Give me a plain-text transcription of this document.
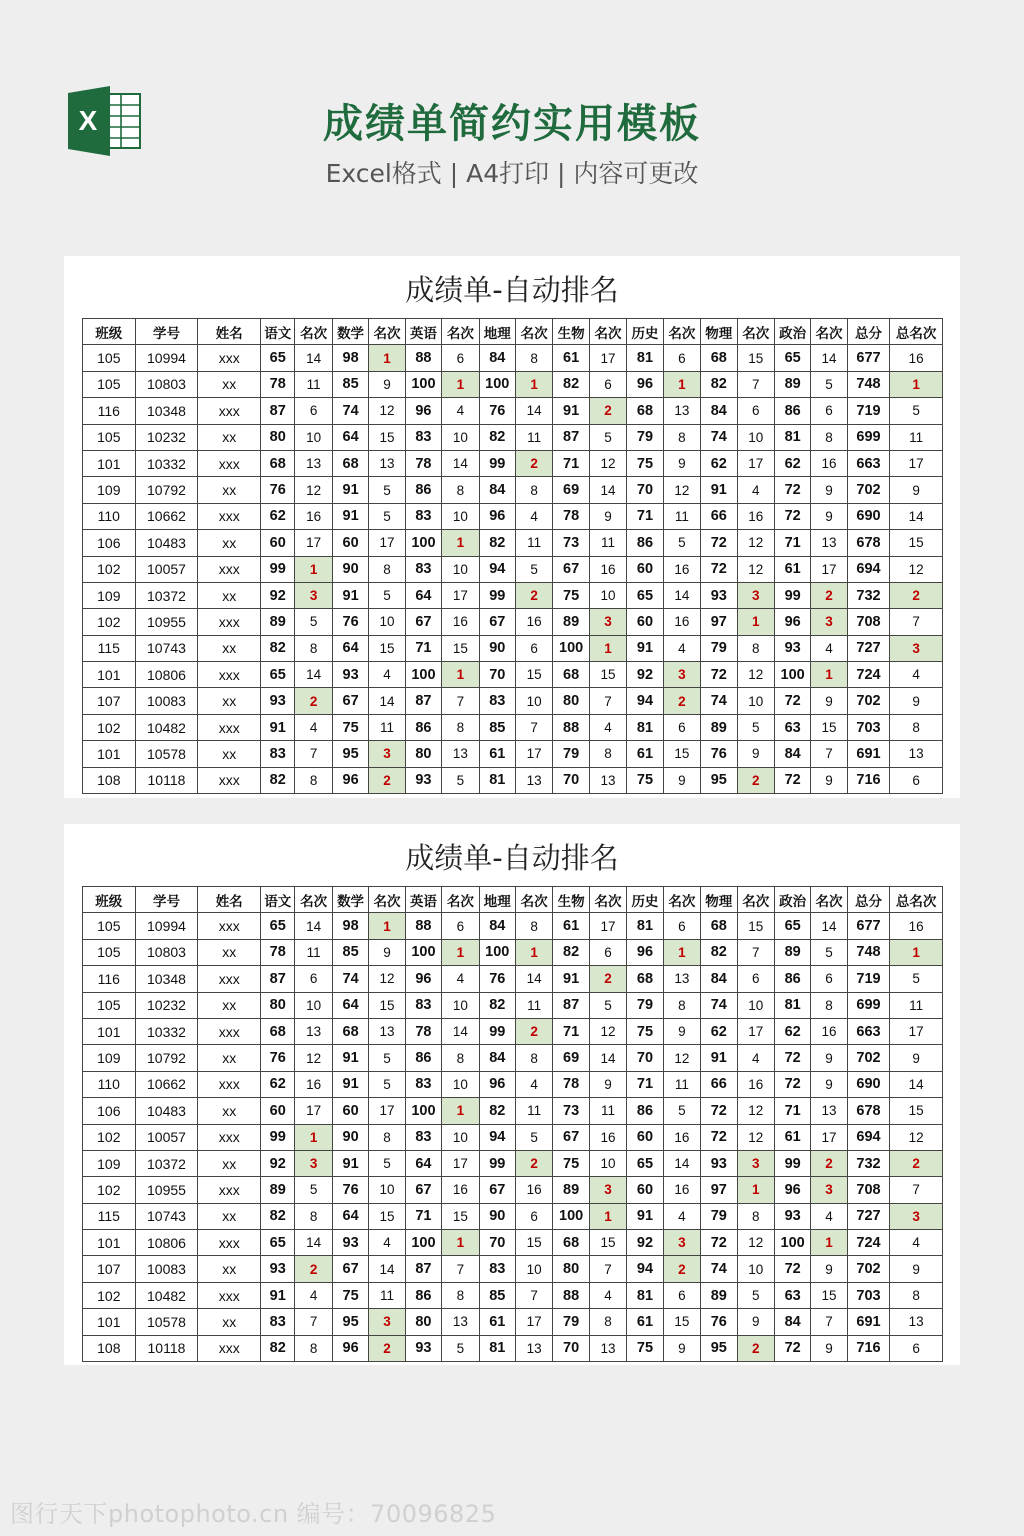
X	成绩单简约实用模板
Excel格式 | A4打印 | 内容可更改
成绩单-自动排名
班级	学号	姓名	语文	名次	数学	名次	英语	名次	地理	名次	生物	名次	历史	名次	物理	名次	政治	名次	总分	总名次
105	10994	xxx	65	14	98	1	88	6	84	8	61	17	81	6	68	15	65	14	677	16
105	10803	xx	78	11	85	9	100	1	100	1	82	6	96	1	82	7	89	5	748	1
116	10348	xxx	87	6	74	12	96	4	76	14	91	2	68	13	84	6	86	6	719	5
105	10232	xx	80	10	64	15	83	10	82	11	87	5	79	8	74	10	81	8	699	11
101	10332	xxx	68	13	68	13	78	14	99	2	71	12	75	9	62	17	62	16	663	17
109	10792	xx	76	12	91	5	86	8	84	8	69	14	70	12	91	4	72	9	702	9
110	10662	xxx	62	16	91	5	83	10	96	4	78	9	71	11	66	16	72	9	690	14
106	10483	xx	60	17	60	17	100	1	82	11	73	11	86	5	72	12	71	13	678	15
102	10057	xxx	99	1	90	8	83	10	94	5	67	16	60	16	72	12	61	17	694	12
109	10372	xx	92	3	91	5	64	17	99	2	75	10	65	14	93	3	99	2	732	2
102	10955	xxx	89	5	76	10	67	16	67	16	89	3	60	16	97	1	96	3	708	7
115	10743	xx	82	8	64	15	71	15	90	6	100	1	91	4	79	8	93	4	727	3
101	10806	xxx	65	14	93	4	100	1	70	15	68	15	92	3	72	12	100	1	724	4
107	10083	xx	93	2	67	14	87	7	83	10	80	7	94	2	74	10	72	9	702	9
102	10482	xxx	91	4	75	11	86	8	85	7	88	4	81	6	89	5	63	15	703	8
101	10578	xx	83	7	95	3	80	13	61	17	79	8	61	15	76	9	84	7	691	13
108	10118	xxx	82	8	96	2	93	5	81	13	70	13	75	9	95	2	72	9	716	6
成绩单-自动排名
班级	学号	姓名	语文	名次	数学	名次	英语	名次	地理	名次	生物	名次	历史	名次	物理	名次	政治	名次	总分	总名次
105	10994	xxx	65	14	98	1	88	6	84	8	61	17	81	6	68	15	65	14	677	16
105	10803	xx	78	11	85	9	100	1	100	1	82	6	96	1	82	7	89	5	748	1
116	10348	xxx	87	6	74	12	96	4	76	14	91	2	68	13	84	6	86	6	719	5
105	10232	xx	80	10	64	15	83	10	82	11	87	5	79	8	74	10	81	8	699	11
101	10332	xxx	68	13	68	13	78	14	99	2	71	12	75	9	62	17	62	16	663	17
109	10792	xx	76	12	91	5	86	8	84	8	69	14	70	12	91	4	72	9	702	9
110	10662	xxx	62	16	91	5	83	10	96	4	78	9	71	11	66	16	72	9	690	14
106	10483	xx	60	17	60	17	100	1	82	11	73	11	86	5	72	12	71	13	678	15
102	10057	xxx	99	1	90	8	83	10	94	5	67	16	60	16	72	12	61	17	694	12
109	10372	xx	92	3	91	5	64	17	99	2	75	10	65	14	93	3	99	2	732	2
102	10955	xxx	89	5	76	10	67	16	67	16	89	3	60	16	97	1	96	3	708	7
115	10743	xx	82	8	64	15	71	15	90	6	100	1	91	4	79	8	93	4	727	3
101	10806	xxx	65	14	93	4	100	1	70	15	68	15	92	3	72	12	100	1	724	4
107	10083	xx	93	2	67	14	87	7	83	10	80	7	94	2	74	10	72	9	702	9
102	10482	xxx	91	4	75	11	86	8	85	7	88	4	81	6	89	5	63	15	703	8
101	10578	xx	83	7	95	3	80	13	61	17	79	8	61	15	76	9	84	7	691	13
108	10118	xxx	82	8	96	2	93	5	81	13	70	13	75	9	95	2	72	9	716	6
图行天下photophoto.cn 编号：70096825
